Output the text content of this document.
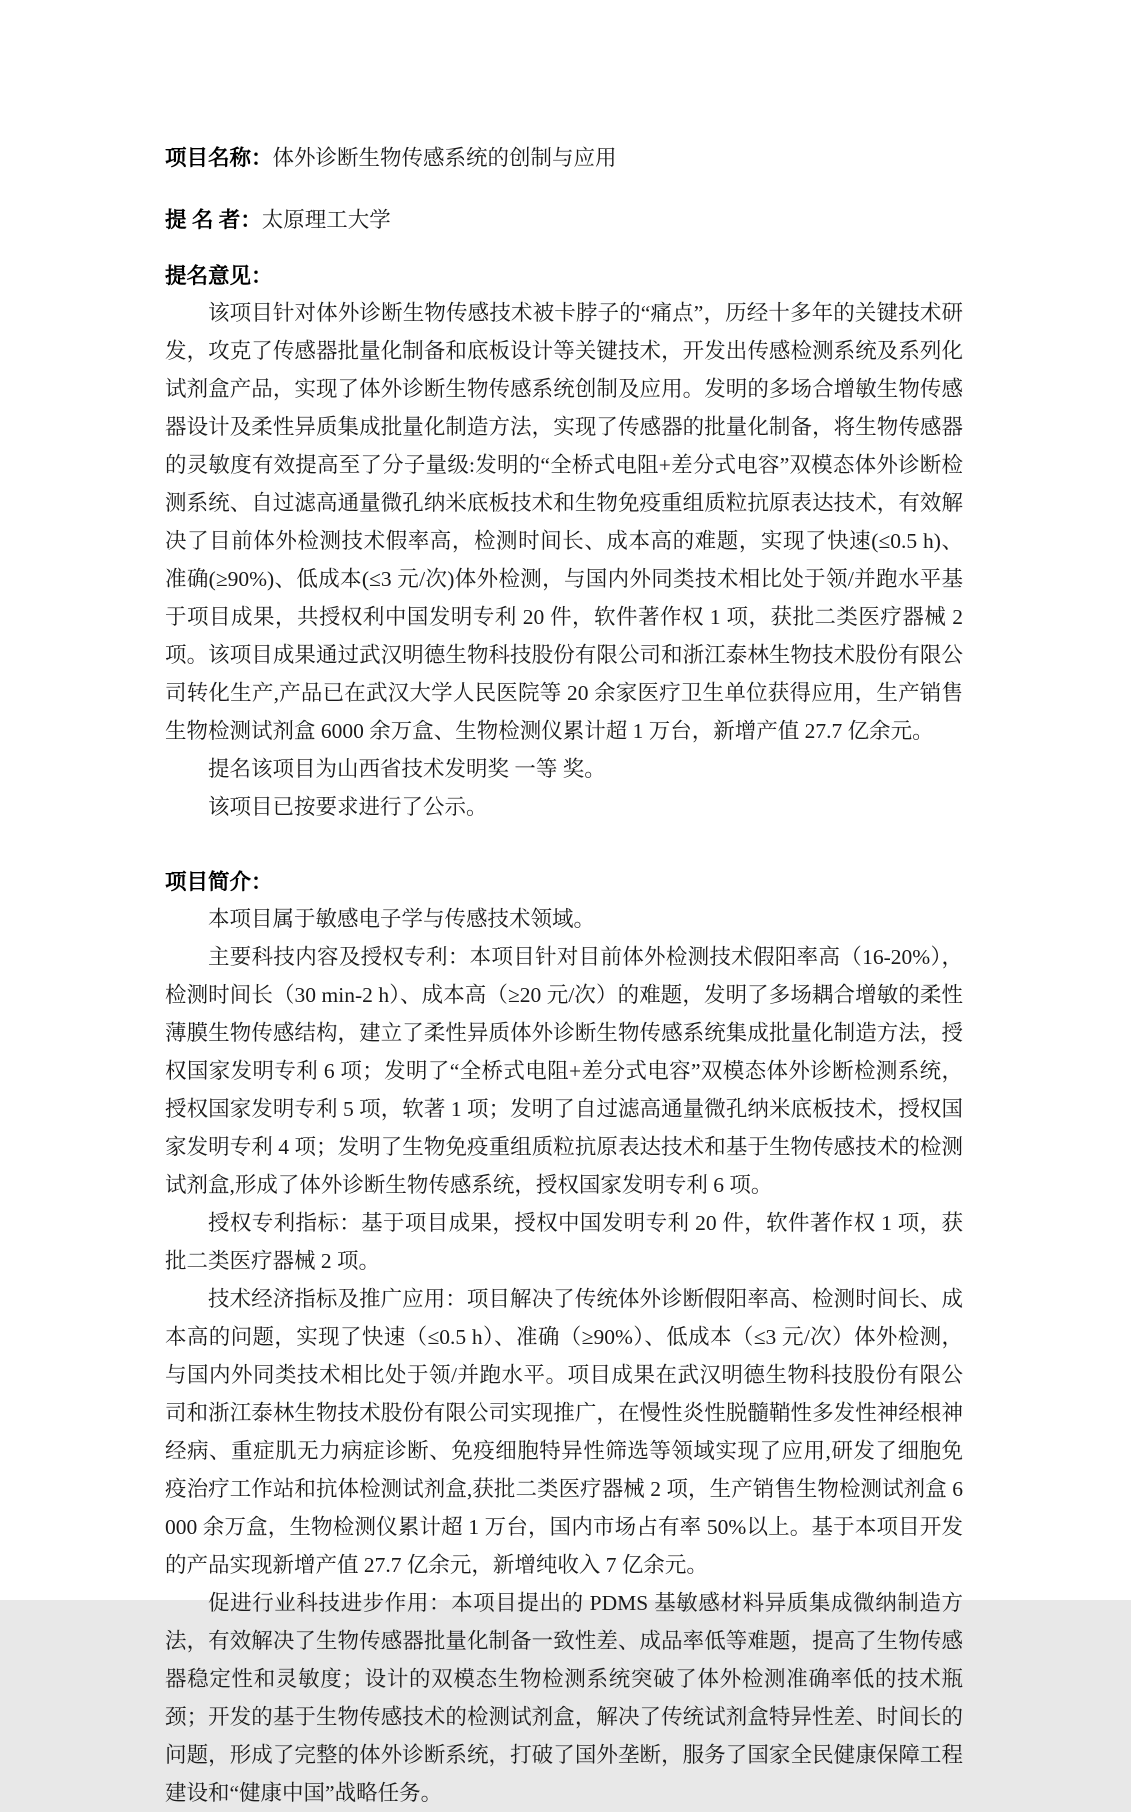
项目名称：体外诊断生物传感系统的创制与应用

提 名 者：太原理工大学

提名意见：

该项目针对体外诊断生物传感技术被卡脖子的“痛点”，历经十多年的关键技术研发，攻克了传感器批量化制备和底板设计等关键技术，开发出传感检测系统及系列化试剂盒产品，实现了体外诊断生物传感系统创制及应用。发明的多场合增敏生物传感器设计及柔性异质集成批量化制造方法，实现了传感器的批量化制备，将生物传感器的灵敏度有效提高至了分子量级:发明的“全桥式电阻+差分式电容”双模态体外诊断检测系统、自过滤高通量微孔纳米底板技术和生物免疫重组质粒抗原表达技术，有效解决了目前体外检测技术假率高，检测时间长、成本高的难题，实现了快速(≤0.5 h)、准确(≥90%)、低成本(≤3 元/次)体外检测，与国内外同类技术相比处于领/并跑水平基于项目成果，共授权利中国发明专利 20 件，软件著作权 1 项，获批二类医疗器械 2 项。该项目成果通过武汉明德生物科技股份有限公司和浙江泰林生物技术股份有限公司转化生产,产品已在武汉大学人民医院等 20 余家医疗卫生单位获得应用，生产销售生物检测试剂盒 6000 余万盒、生物检测仪累计超 1 万台，新增产值 27.7 亿余元。

提名该项目为山西省技术发明奖 一等 奖。

该项目已按要求进行了公示。

项目简介：

本项目属于敏感电子学与传感技术领域。

主要科技内容及授权专利：本项目针对目前体外检测技术假阳率高（16-20%），检测时间长（30 min-2 h）、成本高（≥20 元/次）的难题，发明了多场耦合增敏的柔性薄膜生物传感结构，建立了柔性异质体外诊断生物传感系统集成批量化制造方法，授权国家发明专利 6 项；发明了“全桥式电阻+差分式电容”双模态体外诊断检测系统，授权国家发明专利 5 项，软著 1 项；发明了自过滤高通量微孔纳米底板技术，授权国家发明专利 4 项；发明了生物免疫重组质粒抗原表达技术和基于生物传感技术的检测试剂盒,形成了体外诊断生物传感系统，授权国家发明专利 6 项。

授权专利指标：基于项目成果，授权中国发明专利 20 件，软件著作权 1 项，获批二类医疗器械 2 项。

技术经济指标及推广应用：项目解决了传统体外诊断假阳率高、检测时间长、成本高的问题，实现了快速（≤0.5 h）、准确（≥90%）、低成本（≤3 元/次）体外检测，与国内外同类技术相比处于领/并跑水平。项目成果在武汉明德生物科技股份有限公司和浙江泰林生物技术股份有限公司实现推广，在慢性炎性脱髓鞘性多发性神经根神经病、重症肌无力病症诊断、免疫细胞特异性筛选等领域实现了应用,研发了细胞免疫治疗工作站和抗体检测试剂盒,获批二类医疗器械 2 项，生产销售生物检测试剂盒 6000 余万盒，生物检测仪累计超 1 万台，国内市场占有率 50%以上。基于本项目开发的产品实现新增产值 27.7 亿余元，新增纯收入 7 亿余元。

促进行业科技进步作用：本项目提出的 PDMS 基敏感材料异质集成微纳制造方法，有效解决了生物传感器批量化制备一致性差、成品率低等难题，提高了生物传感器稳定性和灵敏度；设计的双模态生物检测系统突破了体外检测准确率低的技术瓶颈；开发的基于生物传感技术的检测试剂盒，解决了传统试剂盒特异性差、时间长的问题，形成了完整的体外诊断系统，打破了国外垄断，服务了国家全民健康保障工程建设和“健康中国”战略任务。
